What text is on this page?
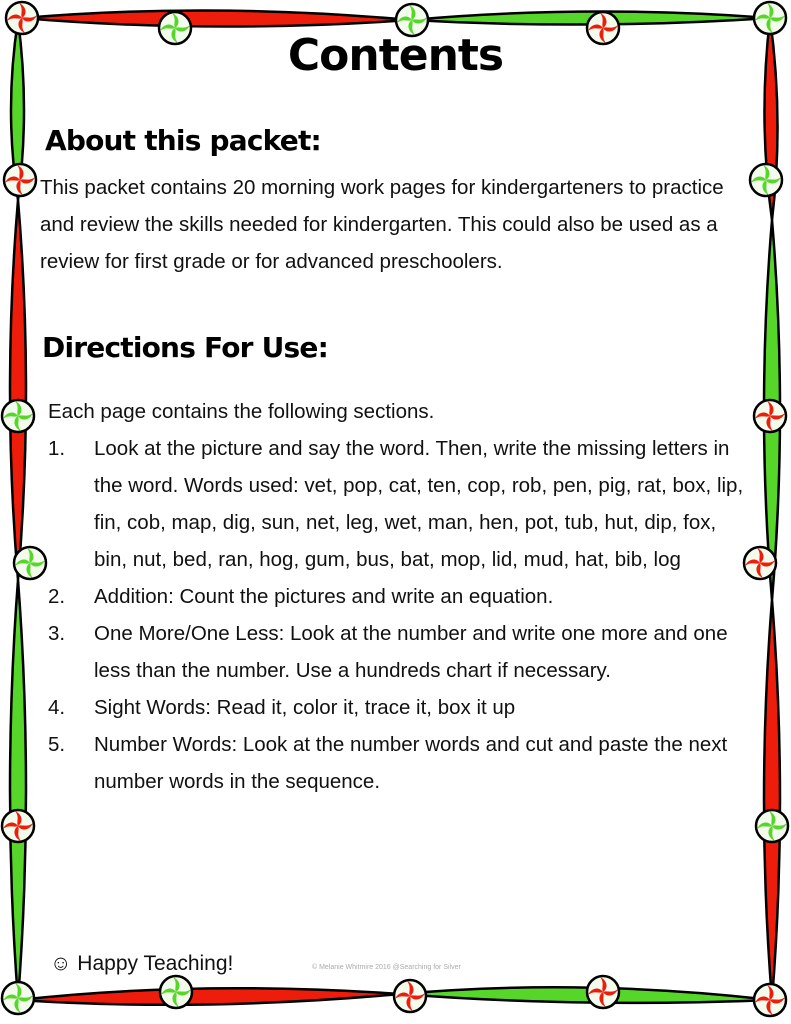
Contents
About this packet:
This packet contains 20 morning work pages for kindergarteners to practice and review the skills needed for kindergarten. This could also be used as a review for first grade or for advanced preschoolers.
Directions For Use:
Each page contains the following sections.
1.	Look at the picture and say the word. Then, write the missing letters in the word. Words used: vet, pop, cat, ten, cop, rob, pen, pig, rat, box, lip, fin, cob, map, dig, sun, net, leg, wet, man, hen, pot, tub, hut, dip, fox, bin, nut, bed, ran, hog, gum, bus, bat, mop, lid, mud, hat, bib, log
2.	Addition: Count the pictures and write an equation.
3.	One More/One Less: Look at the number and write one more and one less than the number. Use a hundreds chart if necessary.
4.	Sight Words: Read it, color it, trace it, box it up
5.	Number Words: Look at the number words and cut and paste the next number words in the sequence.
☺ Happy Teaching!	© Melanie Whitmire 2016 @Searching for Silver
